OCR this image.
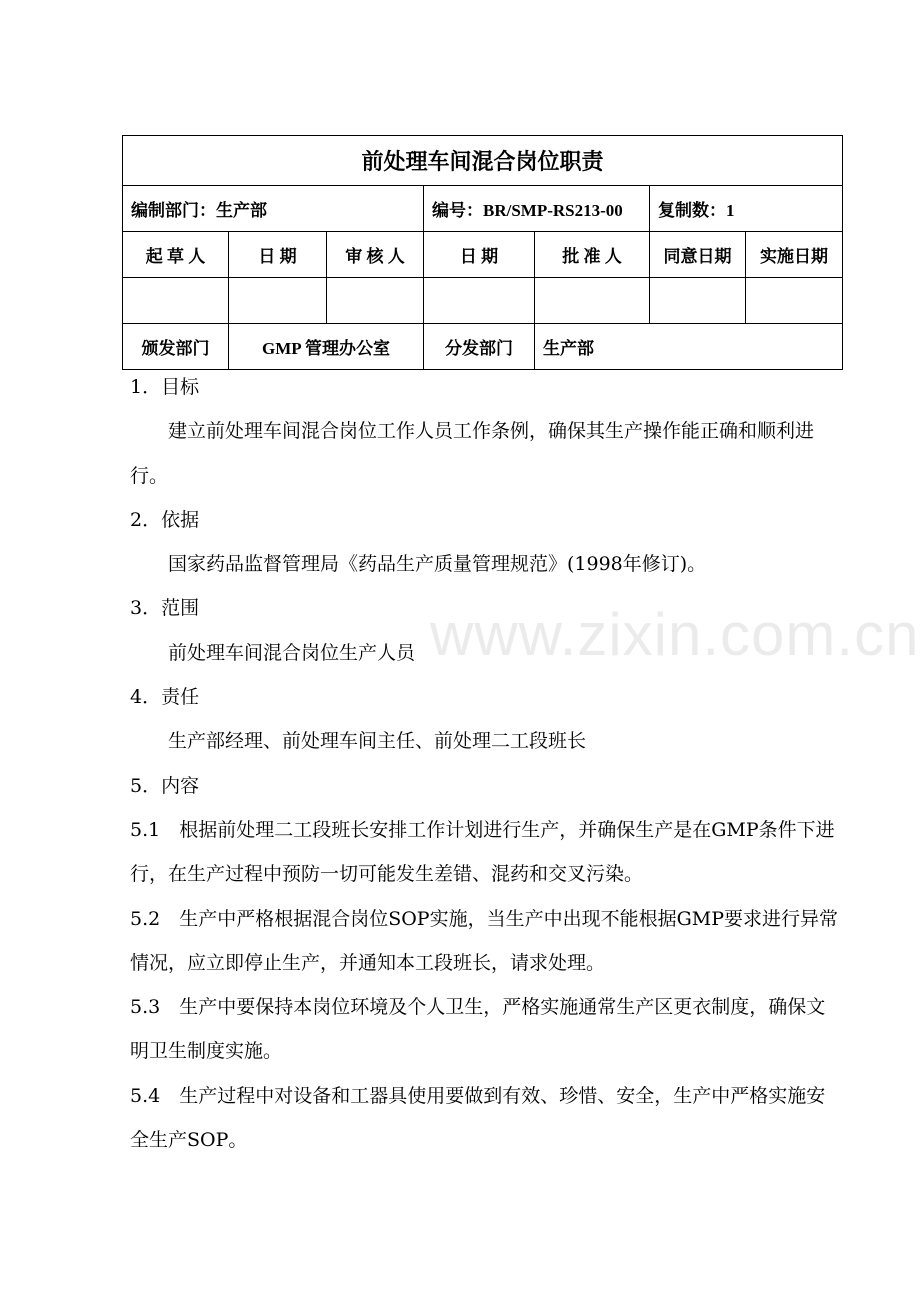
前处理车间混合岗位职责						
编制部门：生产部			编号：BR/SMP-RS213-00		复制数：1	
起 草 人	日 期	审 核 人	日 期	批 准 人	同意日期	实施日期

颁发部门	GMP 管理办公室		分发部门	生产部		

1．目标

建立前处理车间混合岗位工作人员工作条例，确保其生产操作能正确和顺利进行。

2．依据

国家药品监督管理局《药品生产质量管理规范》(1998年修订)。

3．范围

前处理车间混合岗位生产人员

4．责任

生产部经理、前处理车间主任、前处理二工段班长

5．内容

5.1　根据前处理二工段班长安排工作计划进行生产，并确保生产是在GMP条件下进行，在生产过程中预防一切可能发生差错、混药和交叉污染。

5.2　生产中严格根据混合岗位SOP实施，当生产中出现不能根据GMP要求进行异常情况，应立即停止生产，并通知本工段班长，请求处理。

5.3　生产中要保持本岗位环境及个人卫生，严格实施通常生产区更衣制度，确保文明卫生制度实施。

5.4　生产过程中对设备和工器具使用要做到有效、珍惜、安全，生产中严格实施安全生产SOP。

www.zixin.com.cn
